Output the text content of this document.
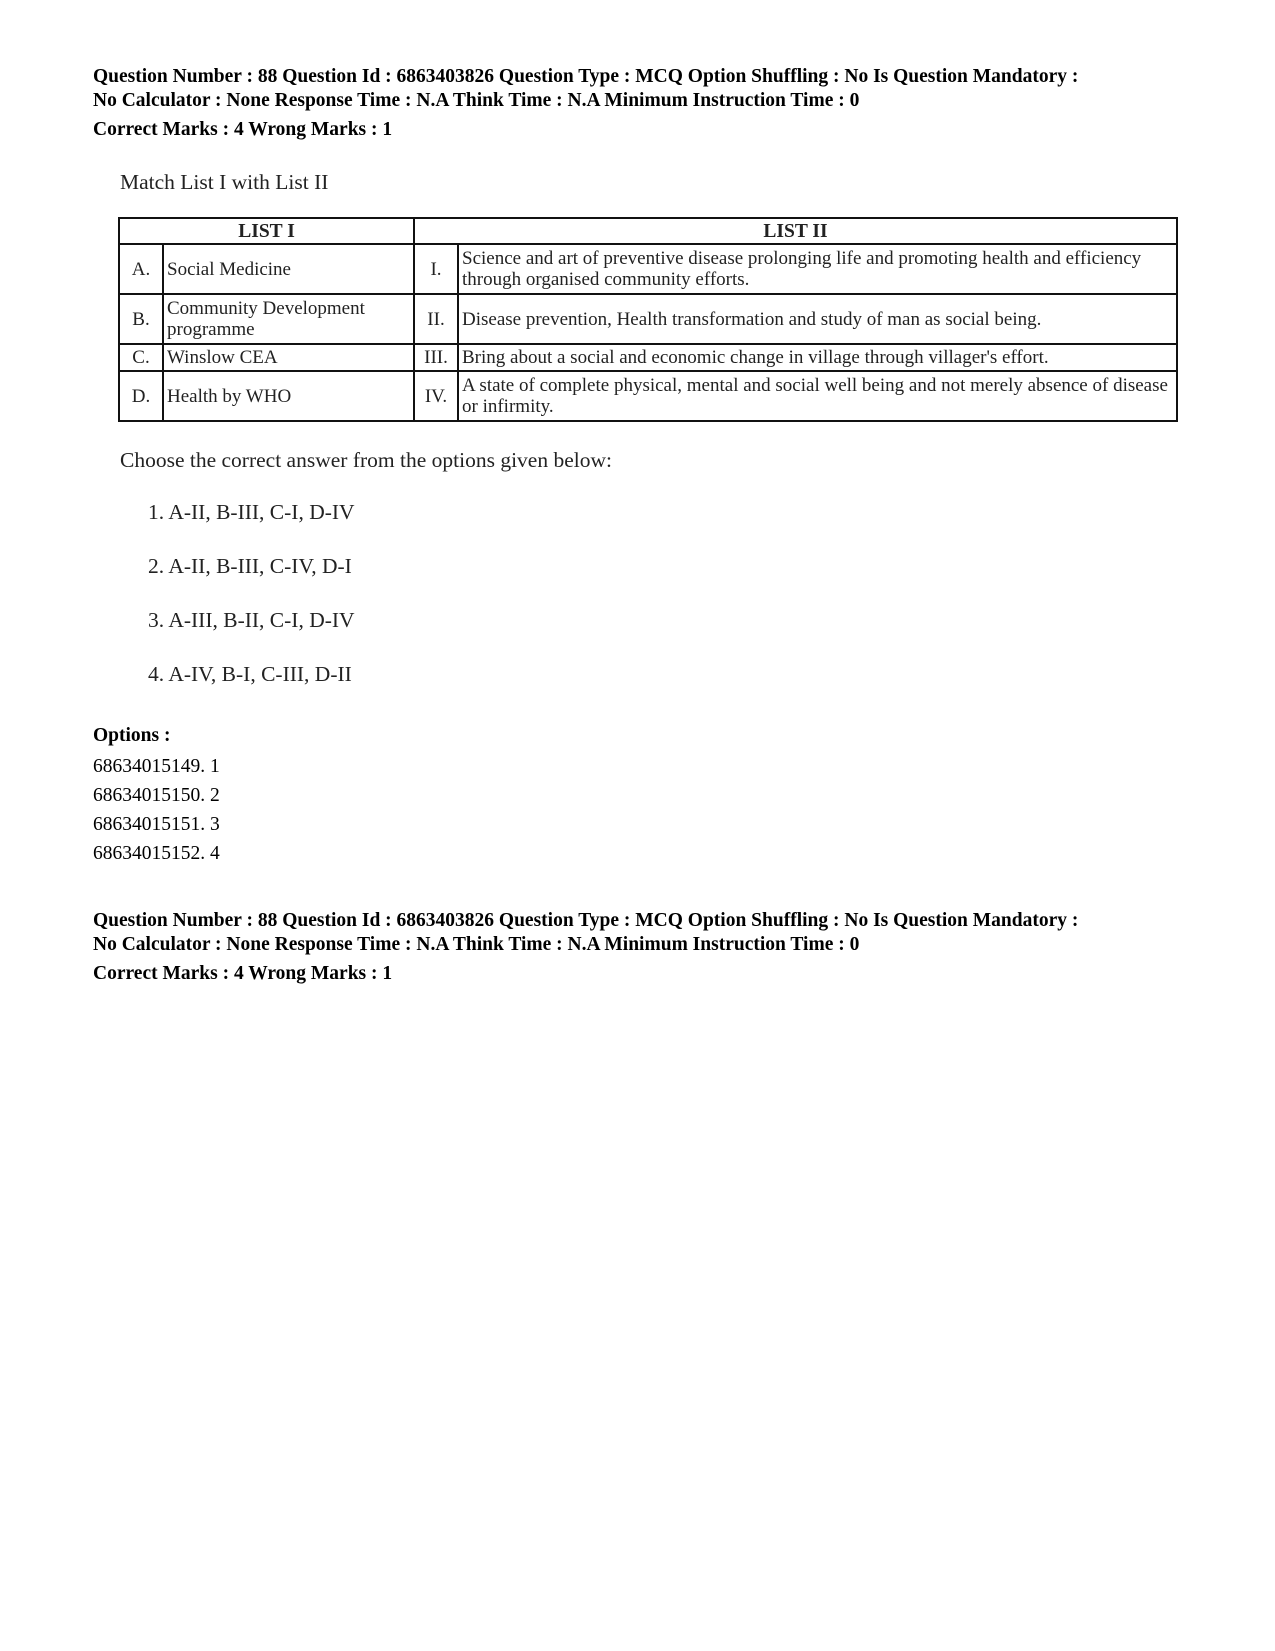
Question Number : 88 Question Id : 6863403826 Question Type : MCQ Option Shuffling : No Is Question Mandatory :
No Calculator : None Response Time : N.A Think Time : N.A Minimum Instruction Time : 0
Correct Marks : 4 Wrong Marks : 1
Match List I with List II
LIST I		LIST II	
A.	Social Medicine	I.	Science and art of preventive disease prolonging life and promoting health and efficiency through organised community efforts.
B.	Community Development programme	II.	Disease prevention, Health transformation and study of man as social being.
C.	Winslow CEA	III.	Bring about a social and economic change in village through villager's effort.
D.	Health by WHO	IV.	A state of complete physical, mental and social well being and not merely absence of disease or infirmity.
Choose the correct answer from the options given below:
1. A-II, B-III, C-I, D-IV
2. A-II, B-III, C-IV, D-I
3. A-III, B-II, C-I, D-IV
4. A-IV, B-I, C-III, D-II
Options :
68634015149. 1
68634015150. 2
68634015151. 3
68634015152. 4
Question Number : 88 Question Id : 6863403826 Question Type : MCQ Option Shuffling : No Is Question Mandatory :
No Calculator : None Response Time : N.A Think Time : N.A Minimum Instruction Time : 0
Correct Marks : 4 Wrong Marks : 1
